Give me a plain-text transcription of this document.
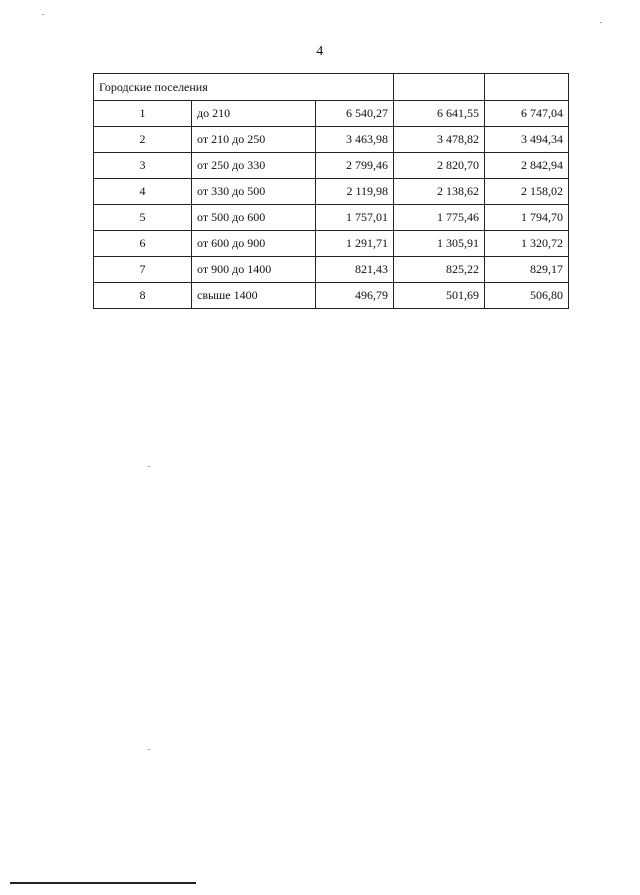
4
Городские поселения				
1	до 210	6 540,27	6 641,55	6 747,04
2	от 210 до 250	3 463,98	3 478,82	3 494,34
3	от 250 до 330	2 799,46	2 820,70	2 842,94
4	от 330 до 500	2 119,98	2 138,62	2 158,02
5	от 500 до 600	1 757,01	1 775,46	1 794,70
6	от 600 до 900	1 291,71	1 305,91	1 320,72
7	от 900 до 1400	821,43	825,22	829,17
8	свыше 1400	496,79	501,69	506,80
